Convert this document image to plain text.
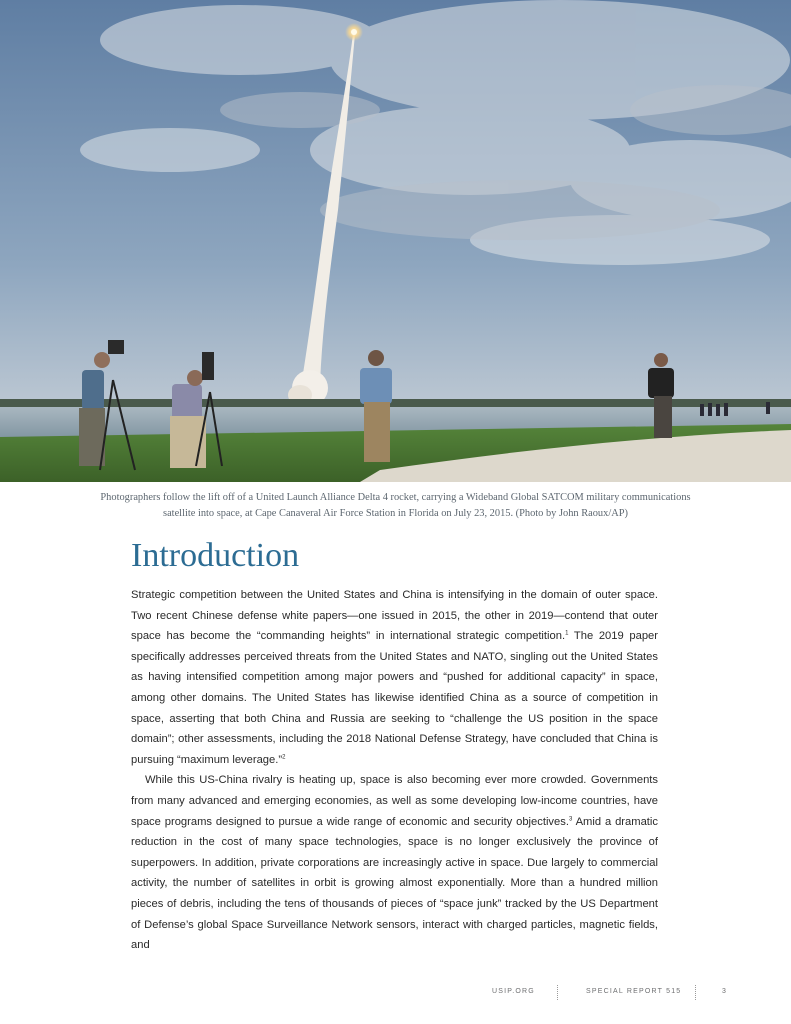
Photographers follow the lift off of a United Launch Alliance Delta 4 rocket, carrying a Wideband Global SATCOM military communications
satellite into space, at Cape Canaveral Air Force Station in Florida on July 23, 2015. (Photo by John Raoux/AP)
Introduction

Strategic competition between the United States and China is intensifying in the domain of outer space. Two recent Chinese defense white papers—one issued in 2015, the other in 2019—contend that outer space has become the “commanding heights” in international strategic competition.$^1$ The 2019 paper specifically addresses perceived threats from the United States and NATO, singling out the United States as having intensified competition among major powers and “pushed for additional capacity” in space, among other domains. The United States has likewise identified China as a source of competition in space, asserting that both China and Russia are seeking to “challenge the US position in the space domain”; other assessments, including the 2018 National Defense Strategy, have concluded that China is pursuing “maximum leverage.”$^2$

While this US-China rivalry is heating up, space is also becoming ever more crowded. Governments from many advanced and emerging economies, as well as some developing low-income countries, have space programs designed to pursue a wide range of economic and security objectives.$^3$ Amid a dramatic reduction in the cost of many space technologies, space is no longer exclusively the province of superpowers. In addition, private corporations are increasingly active in space. Due largely to commercial activity, the number of satellites in orbit is growing almost exponentially. More than a hundred million pieces of debris, including the tens of thousands of pieces of “space junk” tracked by the US Department of Defense’s global Space Surveillance Network sensors, interact with charged particles, magnetic fields, and

USIP.ORG	SPECIAL REPORT 515	3
